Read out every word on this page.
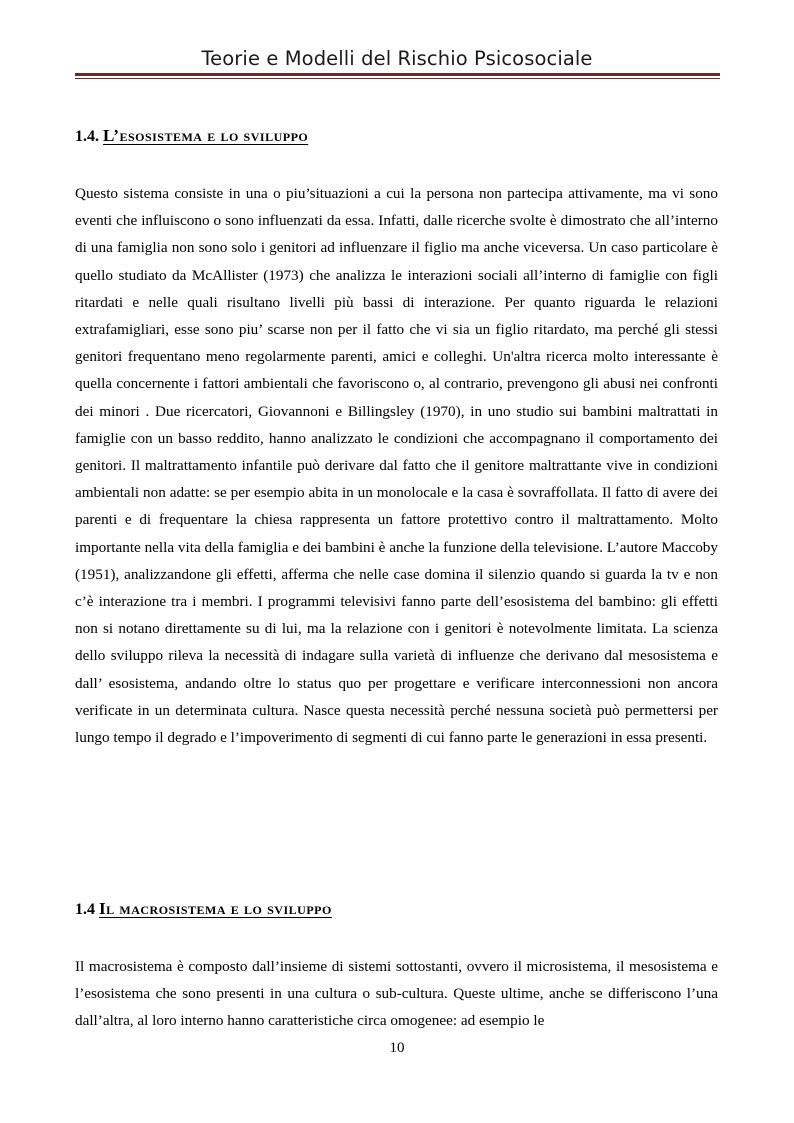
Teorie e Modelli del Rischio Psicosociale
1.4. L’esosistema e lo sviluppo
Questo sistema consiste in una o piu’situazioni a cui la persona non partecipa attivamente, ma vi sono eventi che influiscono o sono influenzati da essa. Infatti, dalle ricerche svolte è dimostrato che all’interno di una famiglia non sono solo i genitori ad influenzare il figlio ma anche viceversa. Un caso particolare è quello studiato da McAllister (1973) che analizza le interazioni sociali all’interno di famiglie con figli ritardati e nelle quali risultano livelli più bassi di interazione. Per quanto riguarda le relazioni extrafamigliari, esse sono piu’ scarse non per il fatto che vi sia un figlio ritardato, ma perché gli stessi genitori frequentano meno regolarmente parenti, amici e colleghi. Un'altra ricerca molto interessante è quella concernente i fattori ambientali che favoriscono o, al contrario, prevengono gli abusi nei confronti dei minori . Due ricercatori, Giovannoni e Billingsley (1970), in uno studio sui bambini maltrattati in famiglie con un basso reddito, hanno analizzato le condizioni che accompagnano il comportamento dei genitori. Il maltrattamento infantile può derivare dal fatto che il genitore maltrattante vive in condizioni ambientali non adatte: se per esempio abita in un monolocale e la casa è sovraffollata. Il fatto di avere dei parenti e di frequentare la chiesa rappresenta un fattore protettivo contro il maltrattamento. Molto importante nella vita della famiglia e dei bambini è anche la funzione della televisione. L’autore Maccoby (1951), analizzandone gli effetti, afferma che nelle case domina il silenzio quando si guarda la tv e non c’è interazione tra i membri. I programmi televisivi fanno parte dell’esosistema del bambino: gli effetti non si notano direttamente su di lui, ma la relazione con i genitori è notevolmente limitata. La scienza dello sviluppo rileva la necessità di indagare sulla varietà di influenze che derivano dal mesosistema e dall’ esosistema, andando oltre lo status quo per progettare e verificare interconnessioni non ancora verificate in un determinata cultura. Nasce questa necessità perché nessuna società può permettersi per lungo tempo il degrado e l’impoverimento di segmenti di cui fanno parte le generazioni in essa presenti.
1.4 Il macrosistema e lo sviluppo
Il macrosistema è composto dall’insieme di sistemi sottostanti, ovvero il microsistema, il mesosistema e l’esosistema che sono presenti in una cultura o sub-cultura. Queste ultime, anche se differiscono l’una dall’altra, al loro interno hanno caratteristiche circa omogenee: ad esempio le
10
